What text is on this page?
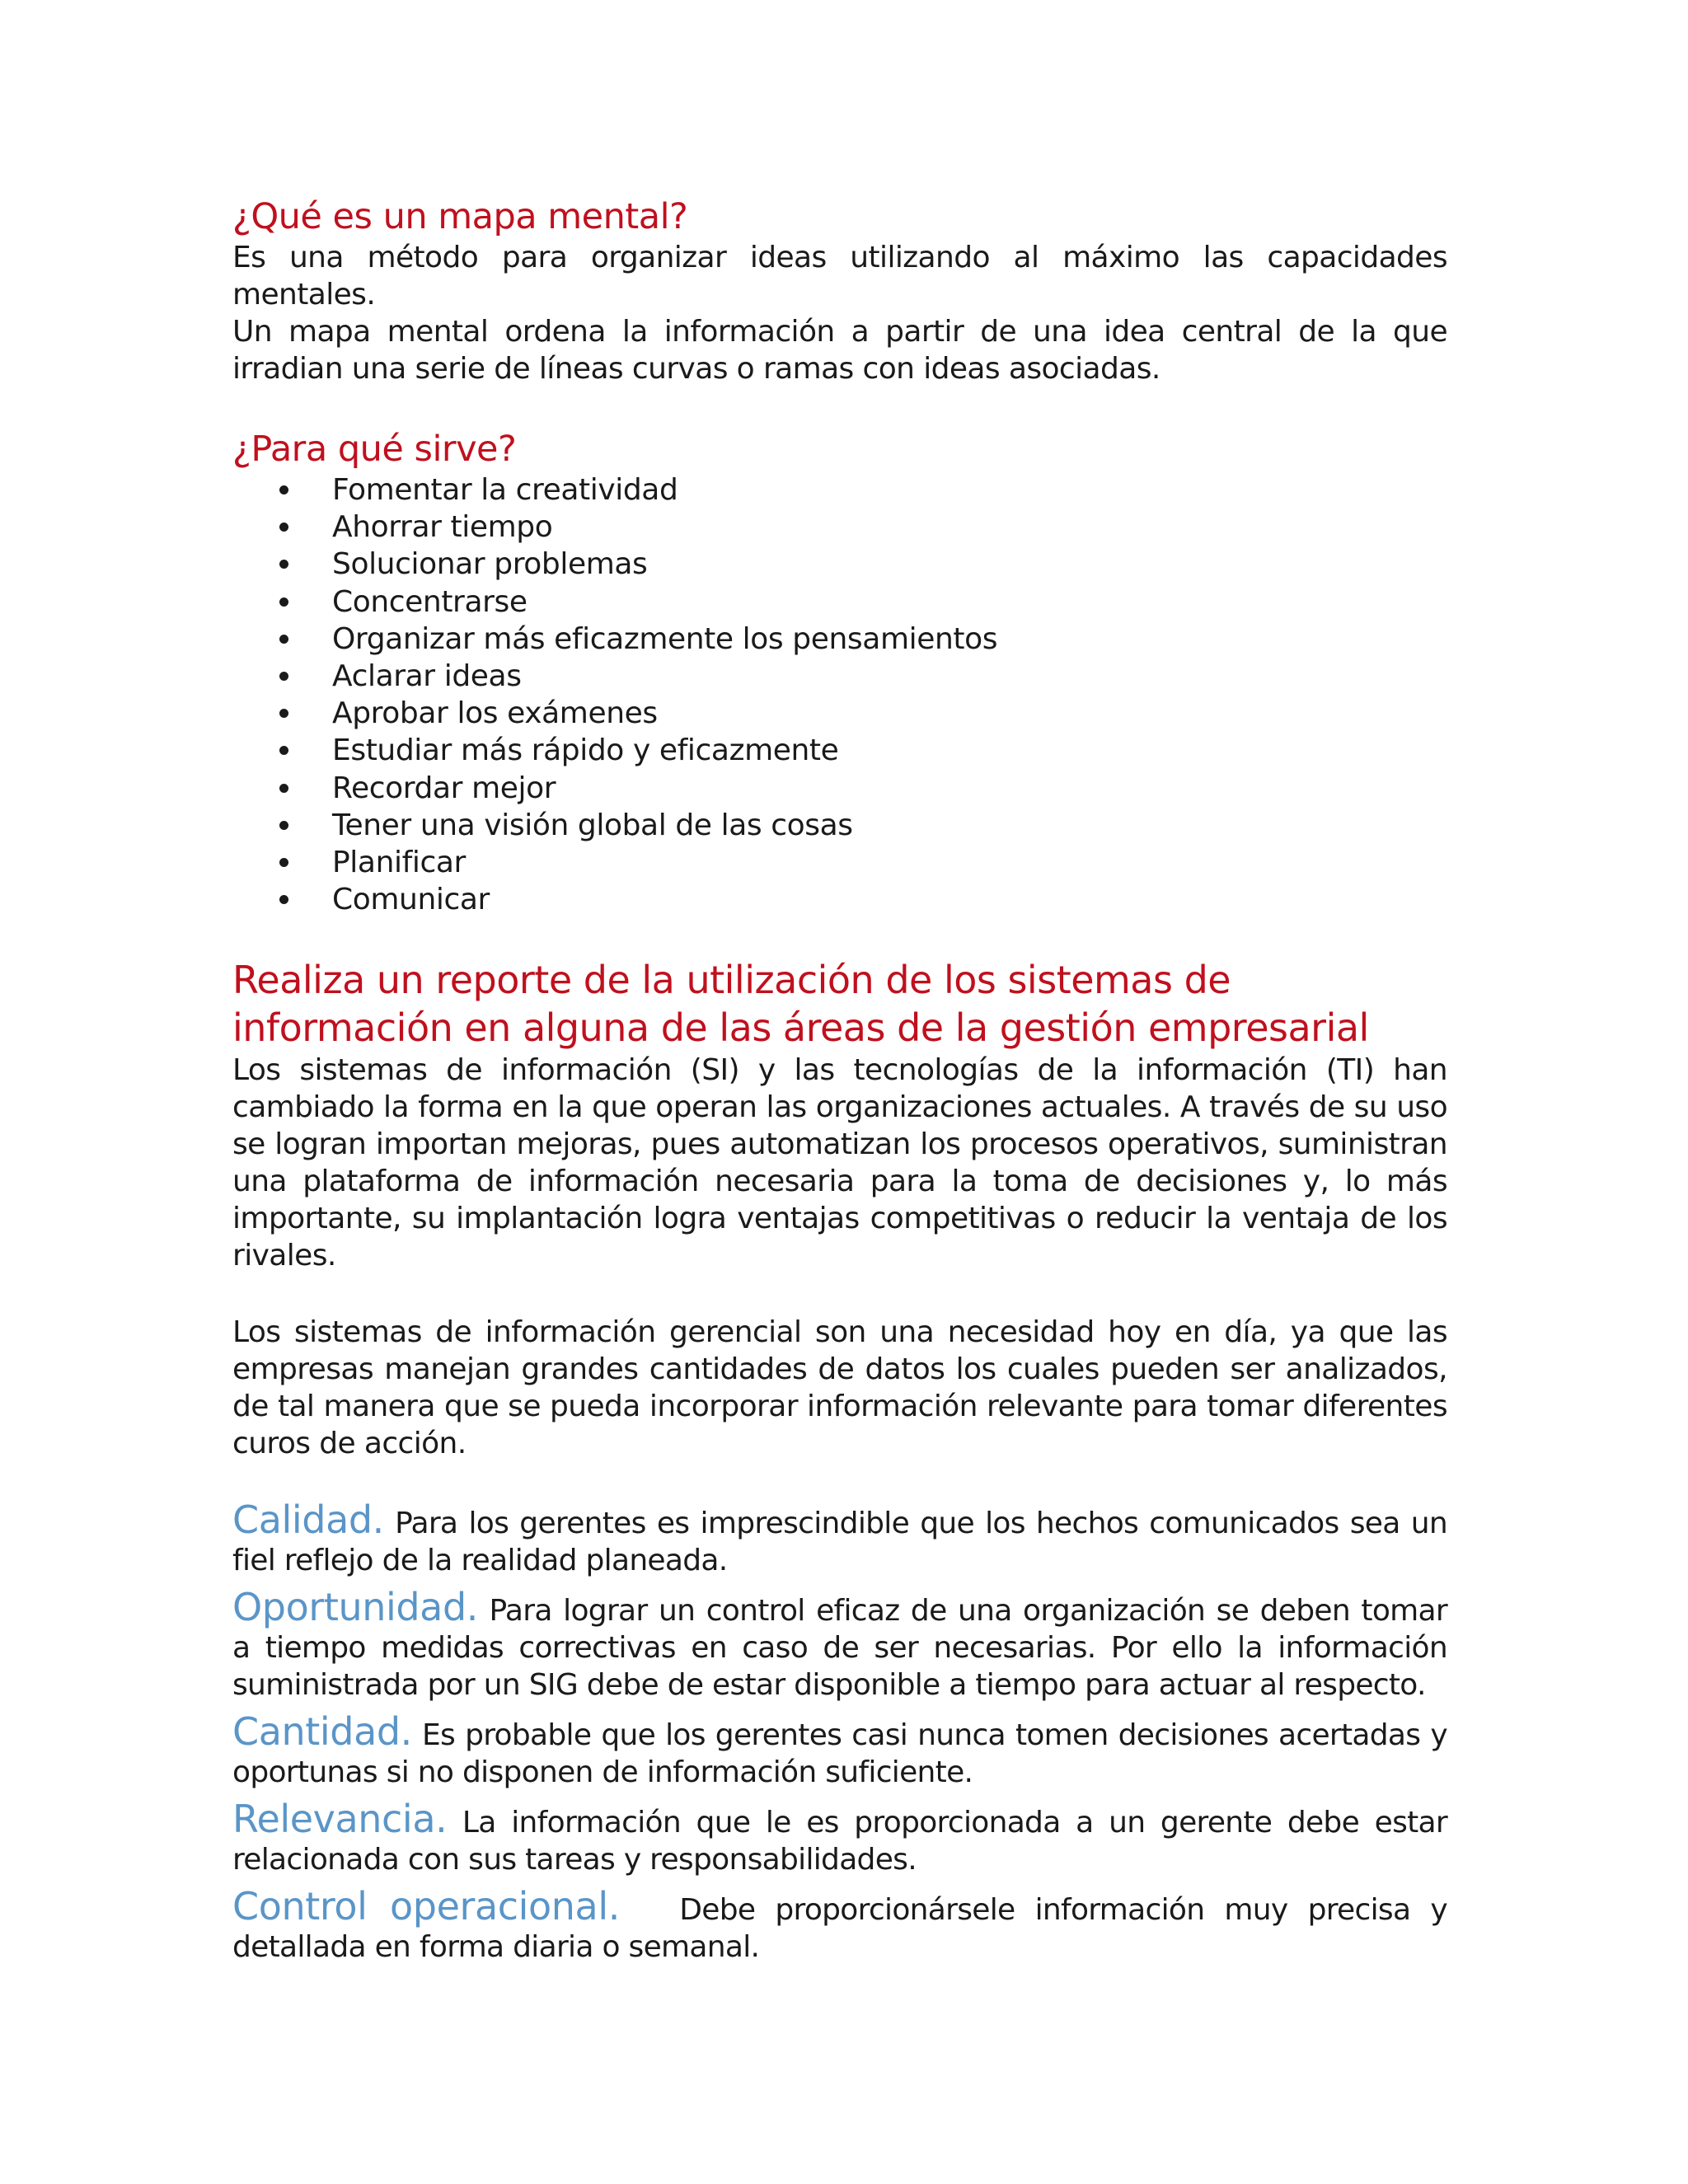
¿Qué es un mapa mental?

Es una método para organizar ideas utilizando al máximo las capacidades mentales.

Un mapa mental ordena la información a partir de una idea central de la que irradian una serie de líneas curvas o ramas con ideas asociadas.

¿Para qué sirve?
Fomentar la creatividad
Ahorrar tiempo
Solucionar problemas
Concentrarse
Organizar más eficazmente los pensamientos
Aclarar ideas
Aprobar los exámenes
Estudiar más rápido y eficazmente
Recordar mejor
Tener una visión global de las cosas
Planificar
Comunicar
Realiza un reporte de la utilización de los sistemas de información en alguna de las áreas de la gestión empresarial

Los sistemas de información (SI) y las tecnologías de la información (TI) han cambiado la forma en la que operan las organizaciones actuales. A través de su uso se logran importan mejoras, pues automatizan los procesos operativos, suministran una plataforma de información necesaria para la toma de decisiones y, lo más importante, su implantación logra ventajas competitivas o reducir la ventaja de los rivales.

Los sistemas de información gerencial son una necesidad hoy en día, ya que las empresas manejan grandes cantidades de datos los cuales pueden ser analizados, de tal manera que se pueda incorporar información relevante para tomar diferentes curos de acción.

Calidad. Para los gerentes es imprescindible que los hechos comunicados sea un fiel reflejo de la realidad planeada.

Oportunidad. Para lograr un control eficaz de una organización se deben tomar a tiempo medidas correctivas en caso de ser necesarias. Por ello la información suministrada por un SIG debe de estar disponible a tiempo para actuar al respecto.

Cantidad. Es probable que los gerentes casi nunca tomen decisiones acertadas y oportunas si no disponen de información suficiente.

Relevancia. La información que le es proporcionada a un gerente debe estar relacionada con sus tareas y responsabilidades.

Control operacional. Debe proporcionársele información muy precisa y detallada en forma diaria o semanal.
